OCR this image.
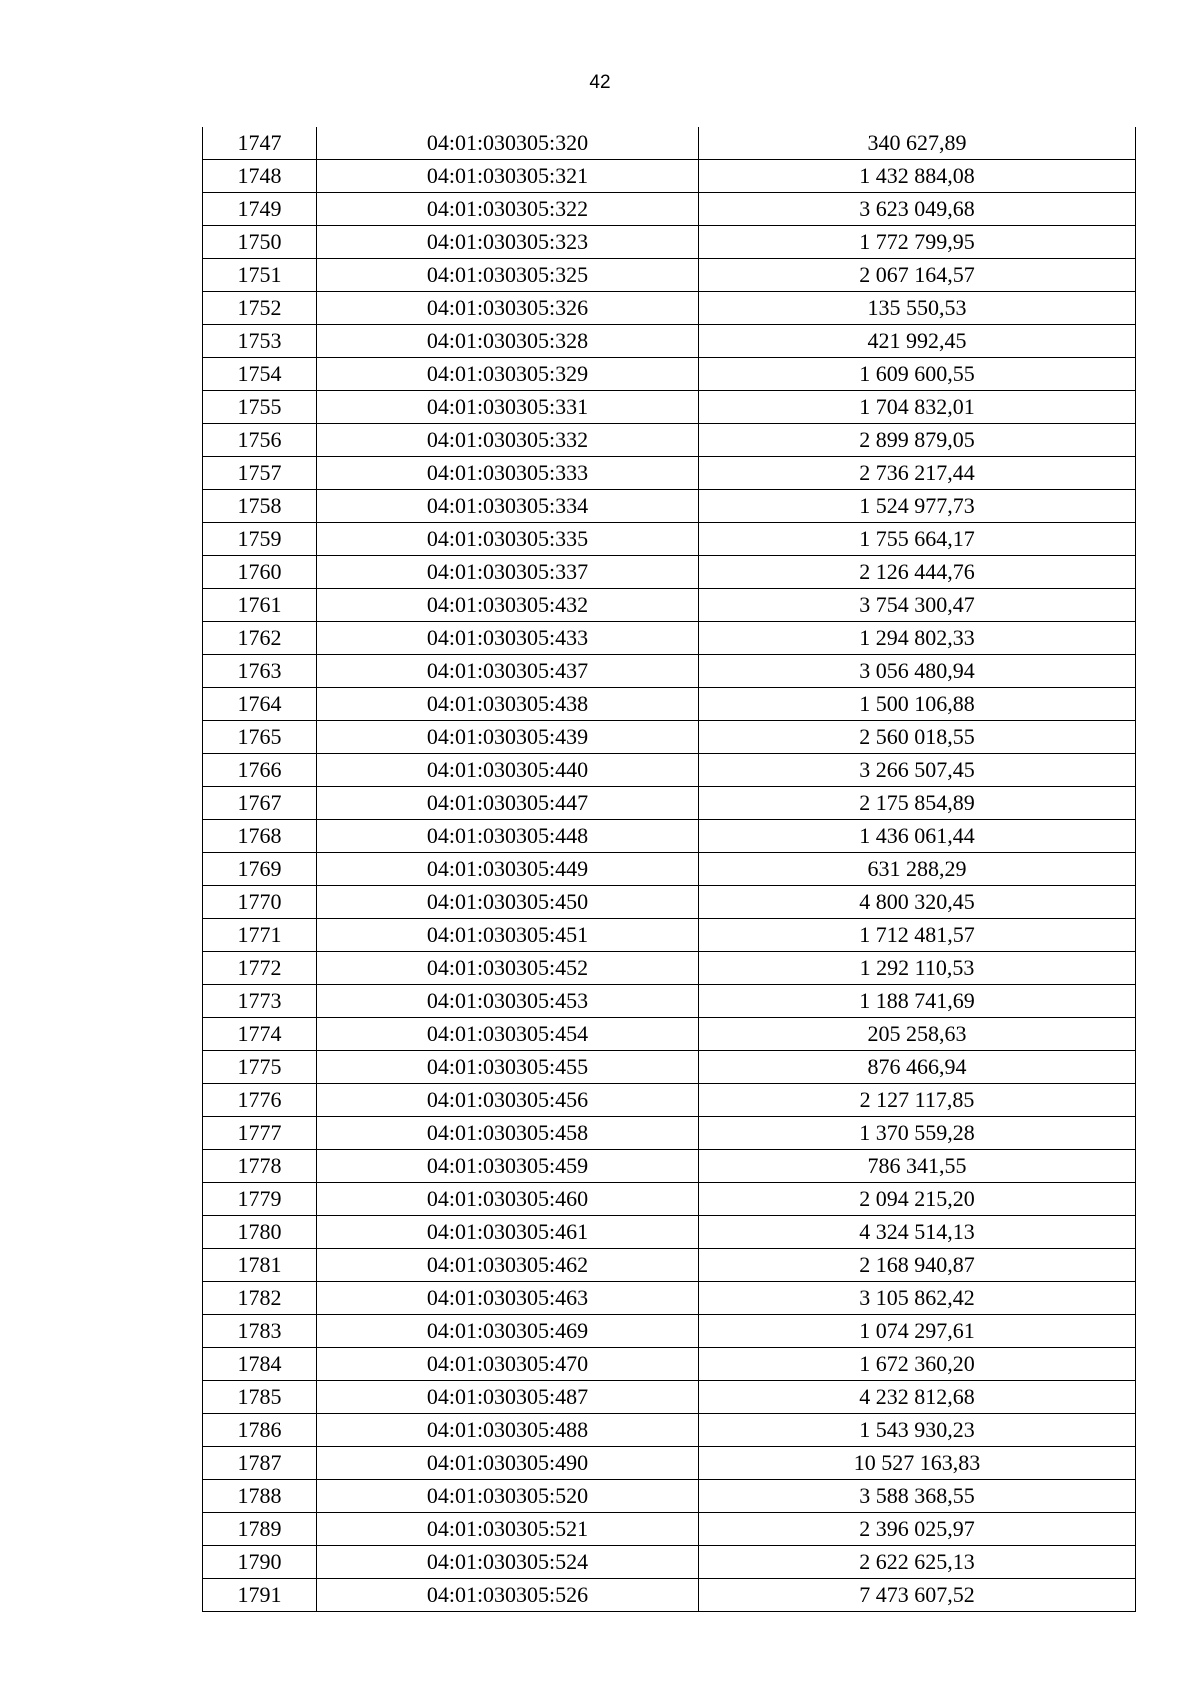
42
1747	04:01:030305:320	340 627,89
1748	04:01:030305:321	1 432 884,08
1749	04:01:030305:322	3 623 049,68
1750	04:01:030305:323	1 772 799,95
1751	04:01:030305:325	2 067 164,57
1752	04:01:030305:326	135 550,53
1753	04:01:030305:328	421 992,45
1754	04:01:030305:329	1 609 600,55
1755	04:01:030305:331	1 704 832,01
1756	04:01:030305:332	2 899 879,05
1757	04:01:030305:333	2 736 217,44
1758	04:01:030305:334	1 524 977,73
1759	04:01:030305:335	1 755 664,17
1760	04:01:030305:337	2 126 444,76
1761	04:01:030305:432	3 754 300,47
1762	04:01:030305:433	1 294 802,33
1763	04:01:030305:437	3 056 480,94
1764	04:01:030305:438	1 500 106,88
1765	04:01:030305:439	2 560 018,55
1766	04:01:030305:440	3 266 507,45
1767	04:01:030305:447	2 175 854,89
1768	04:01:030305:448	1 436 061,44
1769	04:01:030305:449	631 288,29
1770	04:01:030305:450	4 800 320,45
1771	04:01:030305:451	1 712 481,57
1772	04:01:030305:452	1 292 110,53
1773	04:01:030305:453	1 188 741,69
1774	04:01:030305:454	205 258,63
1775	04:01:030305:455	876 466,94
1776	04:01:030305:456	2 127 117,85
1777	04:01:030305:458	1 370 559,28
1778	04:01:030305:459	786 341,55
1779	04:01:030305:460	2 094 215,20
1780	04:01:030305:461	4 324 514,13
1781	04:01:030305:462	2 168 940,87
1782	04:01:030305:463	3 105 862,42
1783	04:01:030305:469	1 074 297,61
1784	04:01:030305:470	1 672 360,20
1785	04:01:030305:487	4 232 812,68
1786	04:01:030305:488	1 543 930,23
1787	04:01:030305:490	10 527 163,83
1788	04:01:030305:520	3 588 368,55
1789	04:01:030305:521	2 396 025,97
1790	04:01:030305:524	2 622 625,13
1791	04:01:030305:526	7 473 607,52
